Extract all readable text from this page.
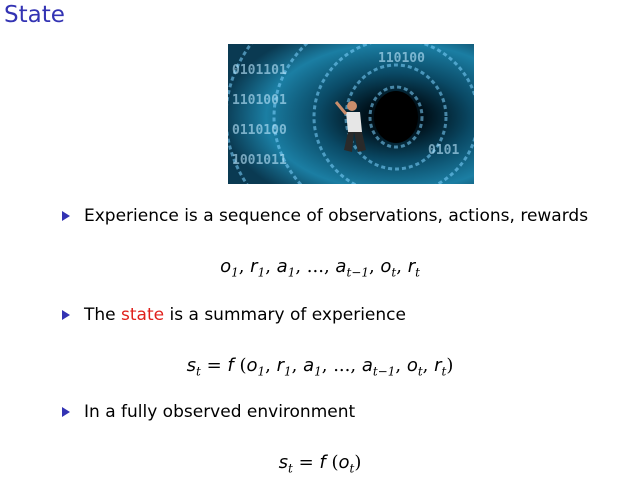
State
0101101
1101001
0110100
1001011
110100
0101
Experience is a sequence of observations, actions, rewards
$o_1$, $r_1$, $a_1$, ..., $a_{t-1}$, $o_t$, $r_t$
The state is a summary of experience
$s_t = f$ ($o_1$, $r_1$, $a_1$, ..., $a_{t-1}$, $o_t$, $r_t$)
In a fully observed environment
$s_t = f$ $(o_t)$
